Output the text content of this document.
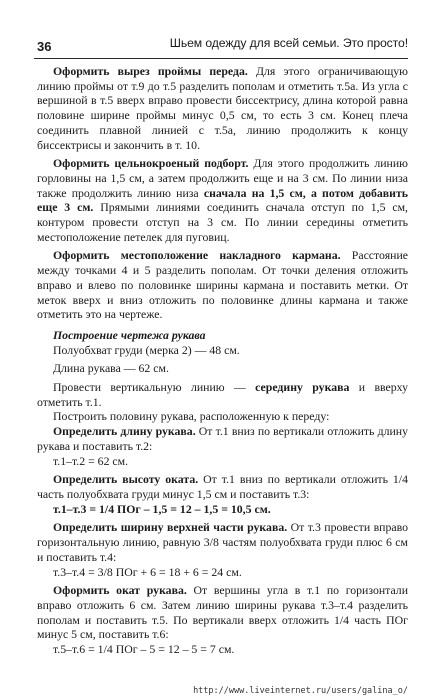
36	Шьем одежду для всей семьи. Это просто!

Оформить вырез проймы переда. Для этого ограничивающую линию проймы от т.9 до т.5 разделить пополам и отметить т.5а. Из угла с вершиной в т.5 вверх вправо провести биссектрису, длина которой равна половине ширине проймы минус 0,5 см, то есть 3 см. Конец плеча соединить плавной линией с т.5а, линию продолжить к концу биссектрисы и закончить в т. 10.

Оформить цельнокроеный подборт. Для этого продолжить линию горловины на 1,5 см, а затем продолжить еще и на 3 см. По линии низа также продолжить линию низа сначала на 1,5 см, а потом добавить еще 3 см. Прямыми линиями соединить сначала отступ по 1,5 см, контуром провести отступ на 3 см. По линии середины отметить местоположение петелек для пуговиц.

Оформить местоположение накладного кармана. Расстояние между точками 4 и 5 разделить пополам. От точки деления отложить вправо и влево по половинке ширины кармана и поставить метки. От меток вверх и вниз отложить по половинке длины кармана и также отметить это на чертеже.

Построение чертежа рукава

Полуобхват груди (мерка 2) — 48 см.

Длина рукава — 62 см.

Провести вертикальную линию — середину рукава и вверху отметить т.1.

Построить половину рукава, расположенную к переду:

Определить длину рукава. От т.1 вниз по вертикали отложить длину рукава и поставить т.2:

т.1–т.2 = 62 см.

Определить высоту оката. От т.1 вниз по вертикали отложить 1/4 часть полуобхвата груди минус 1,5 см и поставить т.3:

т.1–т.3 = 1/4 ПОг – 1,5 = 12 – 1,5 = 10,5 см.

Определить ширину верхней части рукава. От т.3 провести вправо горизонтальную линию, равную 3/8 частям полуобхвата груди плюс 6 см и поставить т.4:

т.3–т.4 = 3/8 ПОг + 6 = 18 + 6 = 24 см.

Оформить окат рукава. От вершины угла в т.1 по горизонтали вправо отложить 6 см. Затем линию ширины рукава т.3–т.4 разделить пополам и поставить т.5. По вертикали вверх отложить 1/4 часть ПОг минус 5 см, поставить т.6:

т.5–т.6 = 1/4 ПОг – 5 = 12 – 5 = 7 см.

http://www.liveinternet.ru/users/galina_o/
